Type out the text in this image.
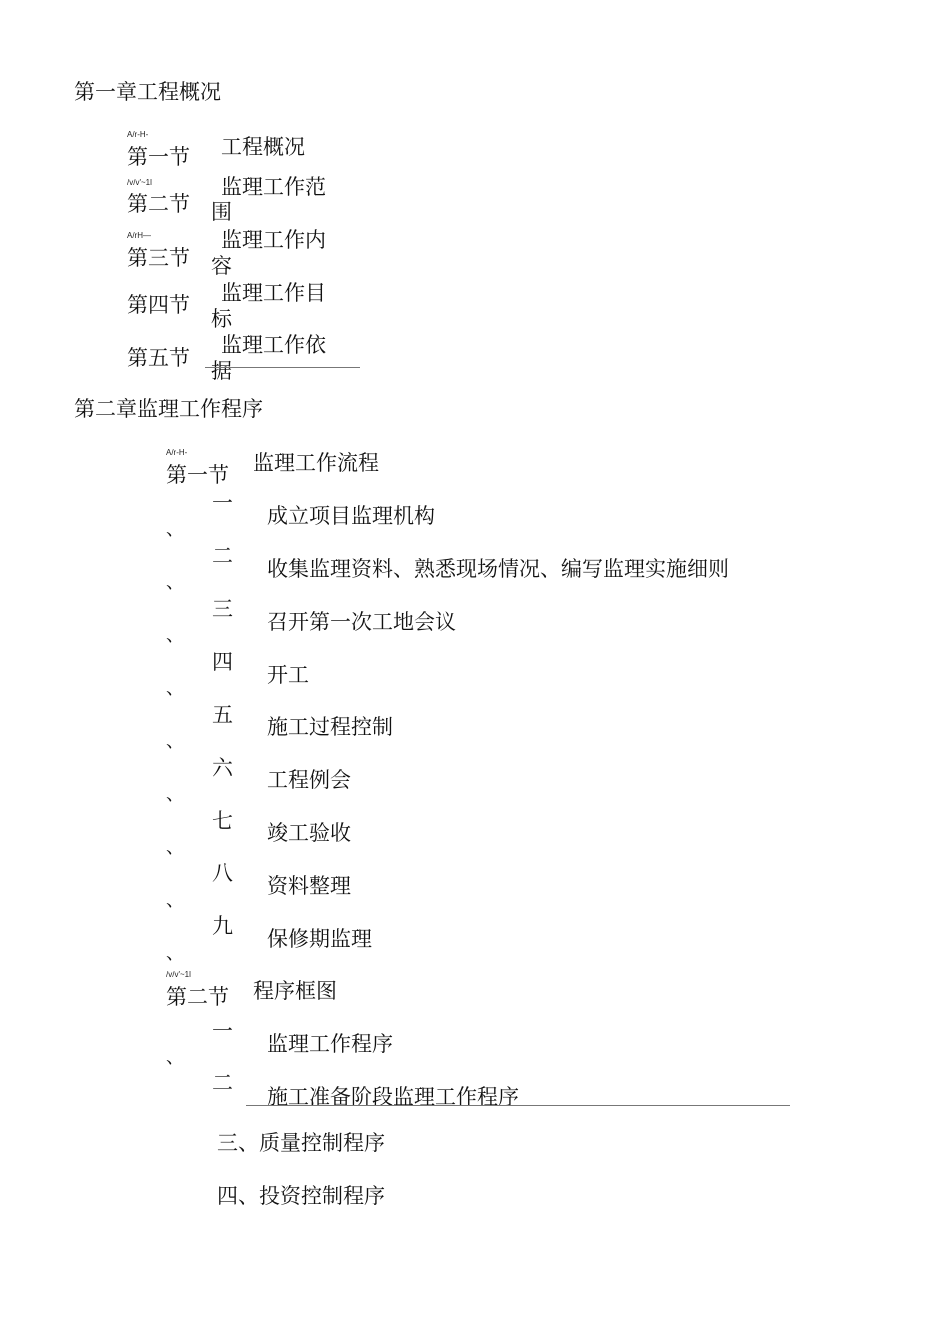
第一章工程概况
A/r-H-
第一节 工程概况
/v/v'~1l
第二节
监理工作范
围
A/rH—
第三节
监理工作内
容
第四节 监理工作目
标
第五节
监理工作依
据
第二章监理工作程序
A/r-H-
第一节 监理工作流程
一
、
成立项目监理机构
二
、
收集监理资料、熟悉现场情况、编写监理实施细则
三
、
召开第一次工地会议
四
、
开工
五
、
施工过程控制
六
、
工程例会
七
、
竣工验收
八
、
资料整理
九
、
保修期监理
/v/v'~1l
第二节 程序框图
一
、
监理工作程序
二
施工准备阶段监理工作程序
三、质量控制程序
四、投资控制程序
